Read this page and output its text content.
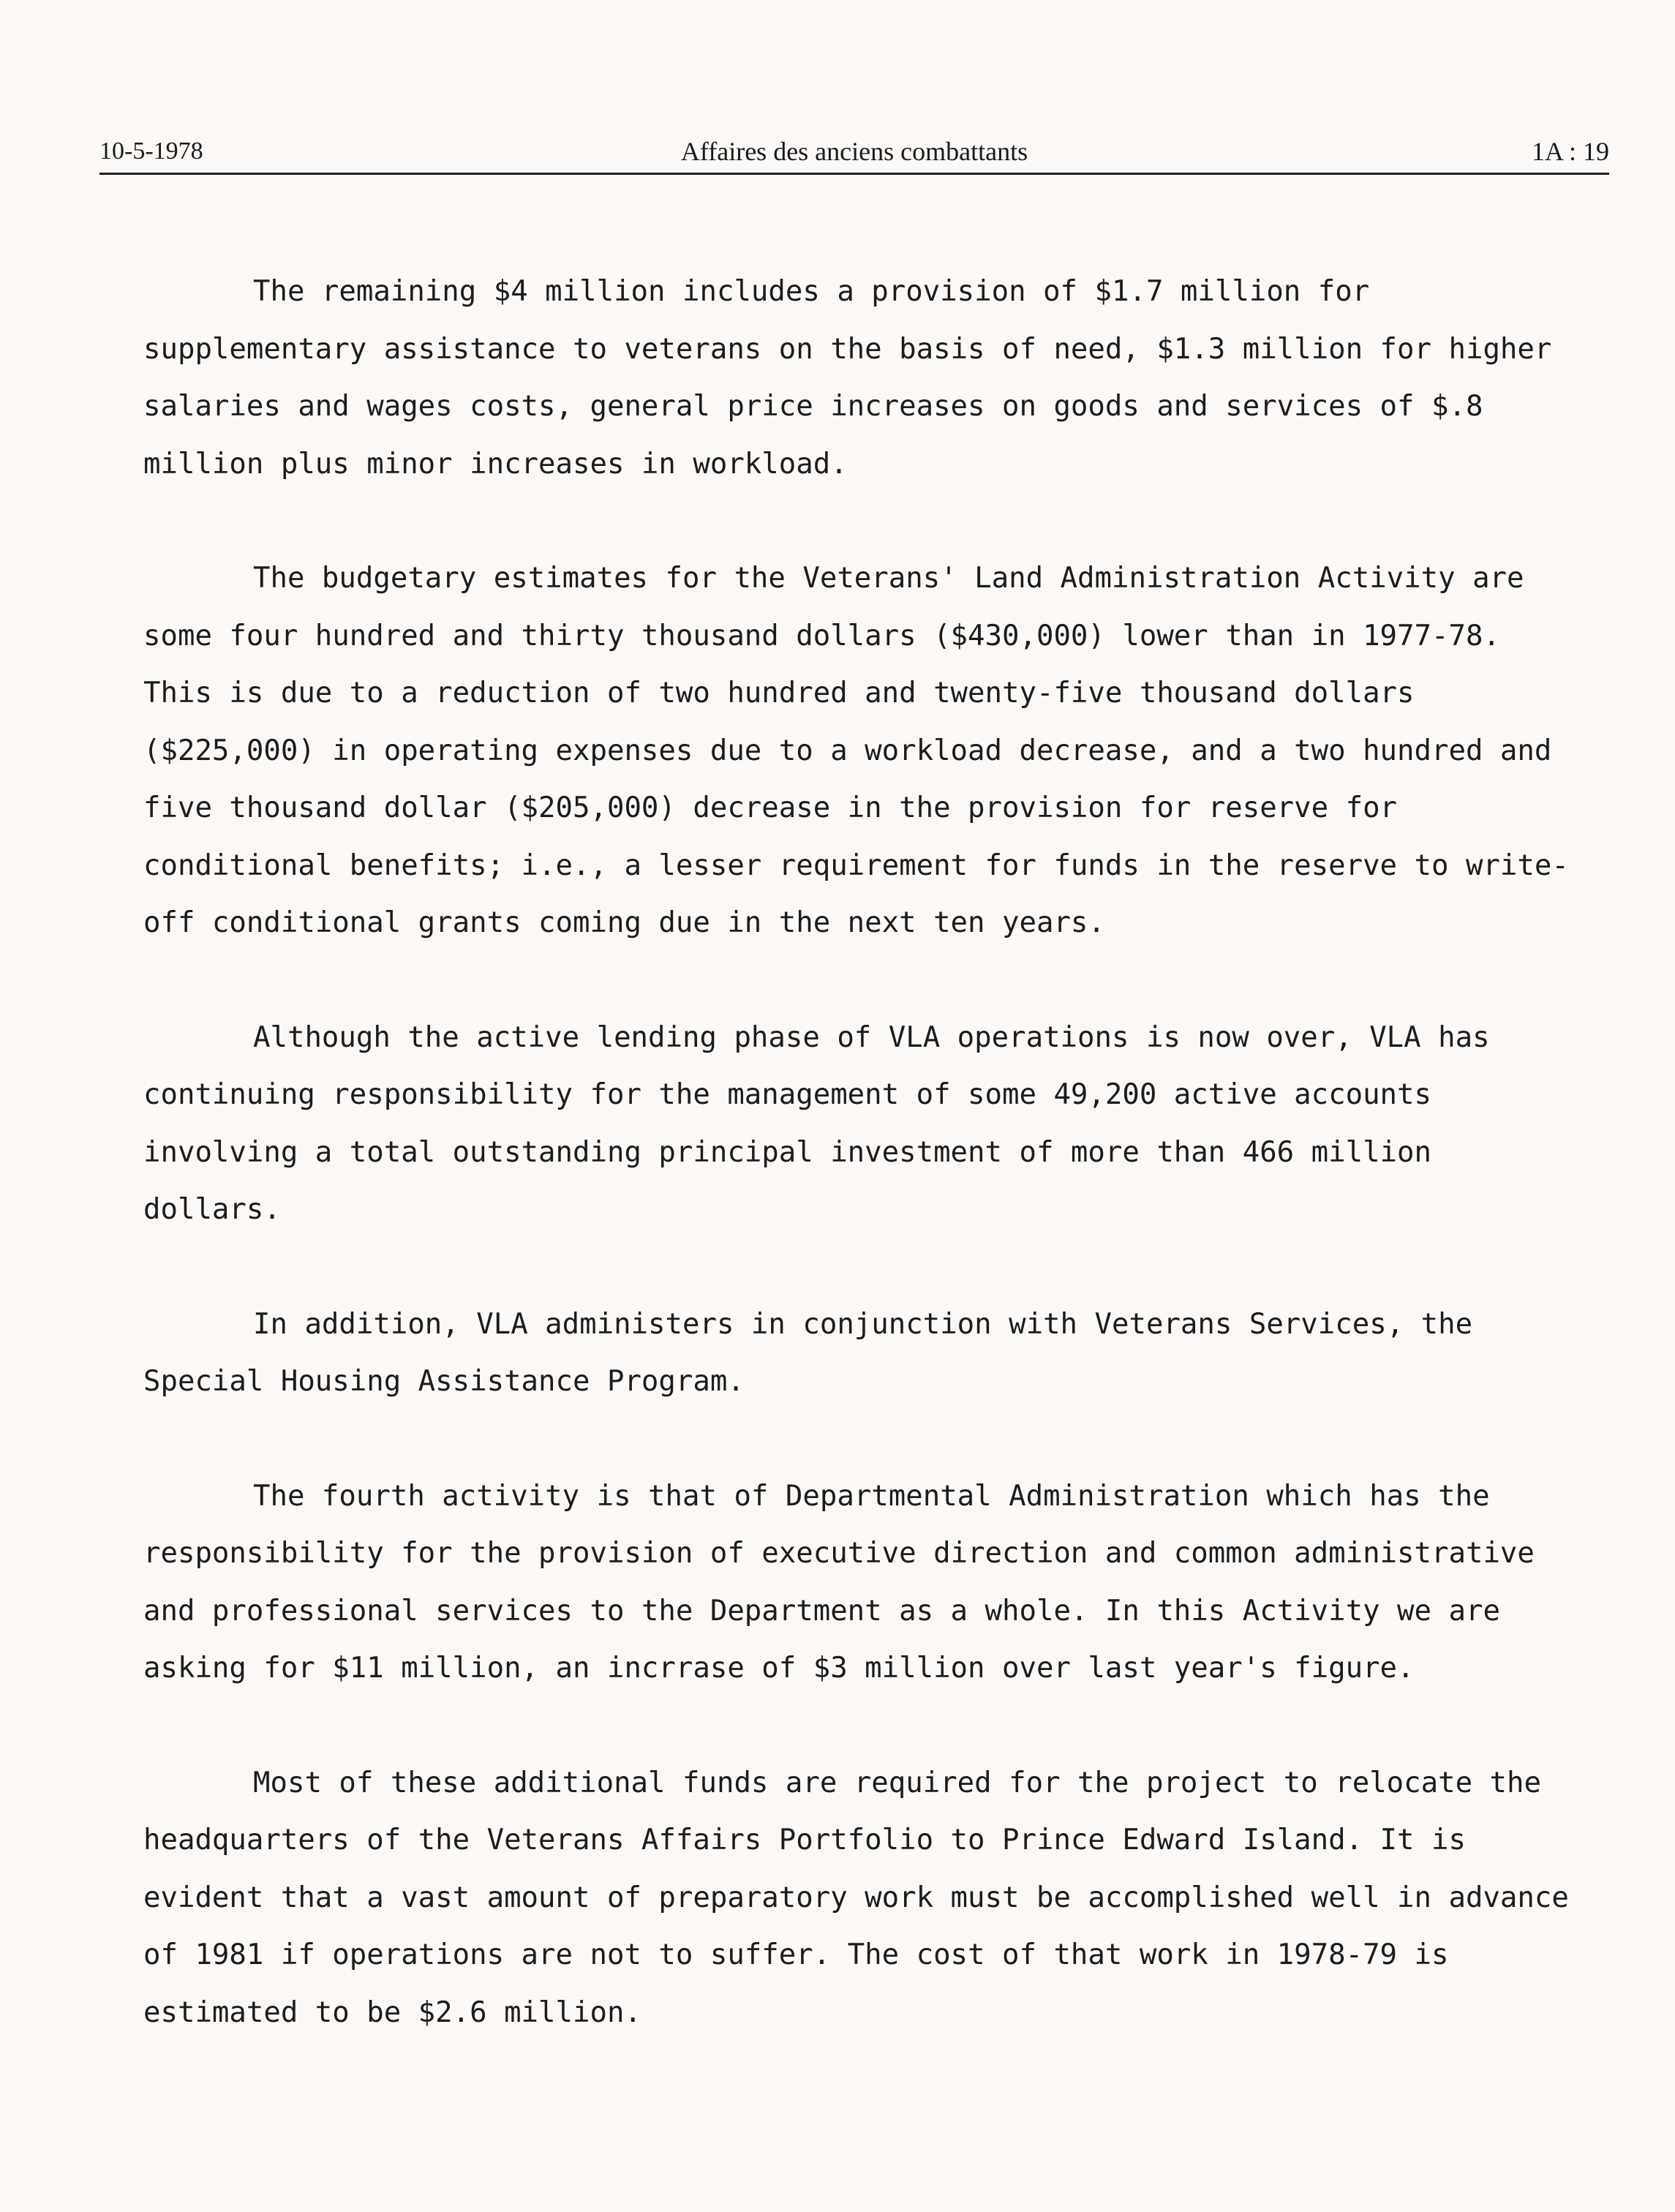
10-5-1978	Affaires des anciens combattants	1A : 19

The remaining $4 million includes a provision of $1.7 million for supplementary assistance to veterans on the basis of need, $1.3 million for higher salaries and wages costs, general price increases on goods and services of $.8 million plus minor increases in workload.

The budgetary estimates for the Veterans' Land Administration Activity are some four hundred and thirty thousand dollars ($430,000) lower than in 1977-78. This is due to a reduction of two hundred and twenty-five thousand dollars ($225,000) in operating expenses due to a workload decrease, and a two hundred and five thousand dollar ($205,000) decrease in the provision for reserve for conditional benefits; i.e., a lesser requirement for funds in the reserve to write-off conditional grants coming due in the next ten years.

Although the active lending phase of VLA operations is now over, VLA has continuing responsibility for the management of some 49,200 active accounts involving a total outstanding principal investment of more than 466 million dollars.

In addition, VLA administers in conjunction with Veterans Services, the Special Housing Assistance Program.

The fourth activity is that of Departmental Administration which has the responsibility for the provision of executive direction and common administrative and professional services to the Department as a whole. In this Activity we are asking for $11 million, an incrrase of $3 million over last year's figure.

Most of these additional funds are required for the project to relocate the headquarters of the Veterans Affairs Portfolio to Prince Edward Island. It is evident that a vast amount of preparatory work must be accomplished well in advance of 1981 if operations are not to suffer. The cost of that work in 1978-79 is estimated to be $2.6 million.
